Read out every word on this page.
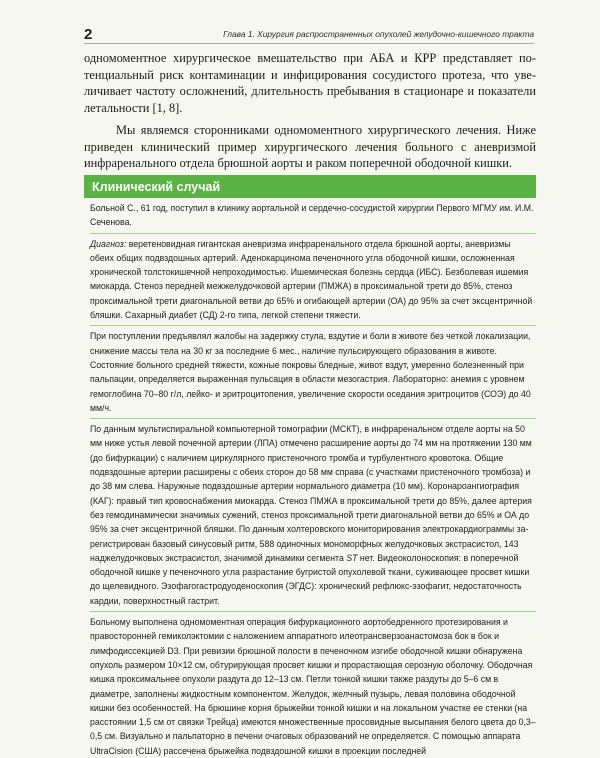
2	Глава 1. Хирургия распространенных опухолей желудочно-кишечного тракта

одномоментное хирургическое вмешательство при АБА и КРР представляет потенциальный риск контаминации и инфицирования сосудистого протеза, что увеличивает частоту осложнений, длительность пребывания в стационаре и показатели летальности [1, 8].

Мы являемся сторонниками одномоментного хирургического лечения. Ниже приведен клинический пример хирургического лечения больного с аневризмой инфраренального отдела брюшной аорты и раком поперечной ободочной кишки.

Клинический случай

Больной С., 61 год, поступил в клинику аортальной и сердечно-сосудистой хирургии Первого МГМУ им. И.М. Сеченова.

Диагноз: веретеновидная гигантская аневризма инфраренального отдела брюшной аорты, аневризмы обеих общих подвздошных артерий. Аденокарцинома печеночного угла ободочной кишки, осложненная хронической толстокишечной непроходимостью. Ишемическая болезнь сердца (ИБС). Безболевая ишемия миокарда. Стеноз передней межжелудочковой артерии (ПМЖА) в проксимальной трети до 85%, стеноз проксимальной трети диагональной ветви до 65% и огибающей артерии (ОА) до 95% за счет эксцентричной бляшки. Сахарный диабет (СД) 2-го типа, легкой степени тяжести.

При поступлении предъявлял жалобы на задержку стула, вздутие и боли в животе без четкой локализации, снижение массы тела на 30 кг за последние 6 мес., наличие пульсирующего образования в животе. Состояние больного средней тяжести, кожные покровы бледные, живот вздут, умеренно болезненный при пальпации, определяется выраженная пульсация в области мезогастрия. Лабораторно: анемия с уровнем гемоглобина 70–80 г/л, лейко- и эритроцитопения, увеличение скорости оседания эритроцитов (СОЭ) до 40 мм/ч.

По данным мультиспиральной компьютерной томографии (МСКТ), в инфраренальном отделе аорты на 50 мм ниже устья левой почечной артерии (ЛПА) отмечено расширение аорты до 74 мм на протяжении 130 мм (до бифуркации) с наличием циркулярного пристеночного тромба и турбулентного кровотока. Общие подвздошные артерии расширены с обеих сторон до 58 мм справа (с участками пристеночного тромбоза) и до 38 мм слева. Наружные подвздошные артерии нормального диаметра (10 мм). Коронароангиография (КАГ): правый тип кровоснабжения миокарда. Стеноз ПМЖА в проксимальной трети до 85%, далее артерия без гемодинамически значимых сужений, стеноз проксимальной трети диагональной ветви до 65% и ОА до 95% за счет эксцентричной бляшки. По данным холтеровского мониторирования электрокардиограммы зарегистрирован базовый синусовый ритм, 588 одиночных мономорфных желудочковых экстрасистол, 143 наджелудочковых экстрасистол, значимой динамики сегмента ST нет. Видеоколоноскопия: в поперечной ободочной кишке у печеночного угла разрастание бугристой опухолевой ткани, суживающее просвет кишки до щелевидного. Эзофагогастродуоденоскопия (ЭГДС): хронический рефлюкс-эзофагит, недостаточность кардии, поверхностный гастрит.

Больному выполнена одномоментная операция бифуркационного аортобедренного протезирования и правосторонней гемиколэктомии с наложением аппаратного илеотрансверзоанастомоза бок в бок и лимфодиссекцией D3. При ревизии брюшной полости в печеночном изгибе ободочной кишки обнаружена опухоль размером 10×12 см, обтурирующая просвет кишки и прорастающая серозную оболочку. Ободочная кишка проксимальнее опухоли раздута до 12–13 см. Петли тонкой кишки также раздуты до 5–6 см в диаметре, заполнены жидкостным компонентом. Желудок, желчный пузырь, левая половина ободочной кишки без особенностей. На брюшине корня брыжейки тонкой кишки и на локальном участке ее стенки (на расстоянии 1,5 см от связки Трейца) имеются множественные просовидные высыпания белого цвета до 0,3–0,5 см. Визуально и пальпаторно в печени очаговых образований не определяется. С помощью аппарата UltraCision (США) рассечена брыжейка подвздошной кишки в проекции последней
